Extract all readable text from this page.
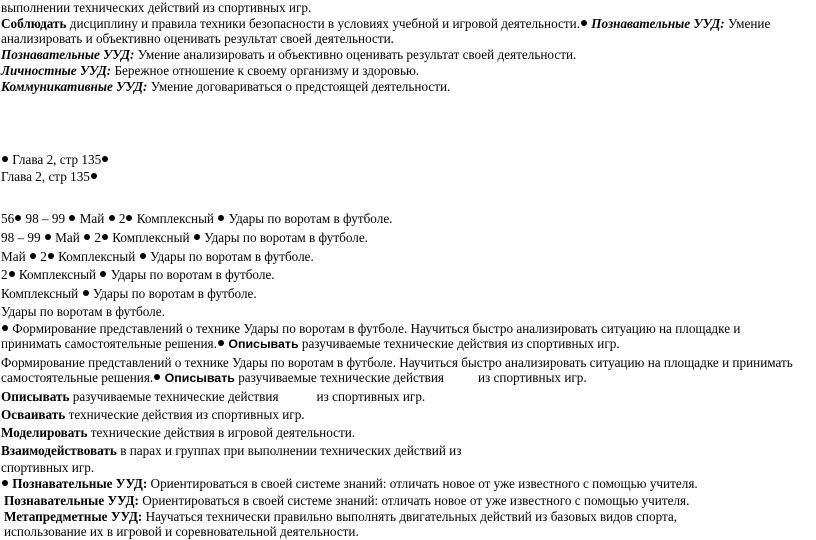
выполнении технических действий из спортивных игр.
Соблюдать дисциплину и правила техники безопасности в условиях учебной и игровой деятельности. Познавательные УУД: Умение
анализировать и объективно оценивать результат своей деятельности.
Познавательные УУД: Умение анализировать и объективно оценивать результат своей деятельности.
Личностные УУД: Бережное отношение к своему организму и здоровью.
Коммуникативные УУД: Умение договариваться о предстоящей деятельности.
Глава 2, стр 135
Глава 2, стр 135
56 98 – 99  Май  2 Комплексный  Удары по воротам в футболе.
98 – 99  Май  2 Комплексный  Удары по воротам в футболе.
Май  2 Комплексный  Удары по воротам в футболе.
2 Комплексный  Удары по воротам в футболе.
Комплексный  Удары по воротам в футболе.
Удары по воротам в футболе.
Формирование представлений о технике Удары по воротам в футболе. Научиться быстро анализировать ситуацию на площадке и
принимать самостоятельные решения. Описывать разучиваемые технические действия из спортивных игр.
Формирование представлений о технике Удары по воротам в футболе. Научиться быстро анализировать ситуацию на площадке и принимать
самостоятельные решения. Описывать разучиваемые технические действия	из спортивных игр.
Описывать разучиваемые технические действия	из спортивных игр.
Осваивать технические действия из спортивных игр.
Моделировать технические действия в игровой деятельности.
Взаимодействовать в парах и группах при выполнении технических действий из
спортивных игр.
Познавательные УУД: Ориентироваться в своей системе знаний: отличать новое от уже известного с помощью учителя.
Познавательные УУД: Ориентироваться в своей системе знаний: отличать новое от уже известного с помощью учителя.
Метапредметные УУД: Научаться технически правильно выполнять двигательных действий из базовых видов спорта,
использование их в игровой и соревновательной деятельности.
